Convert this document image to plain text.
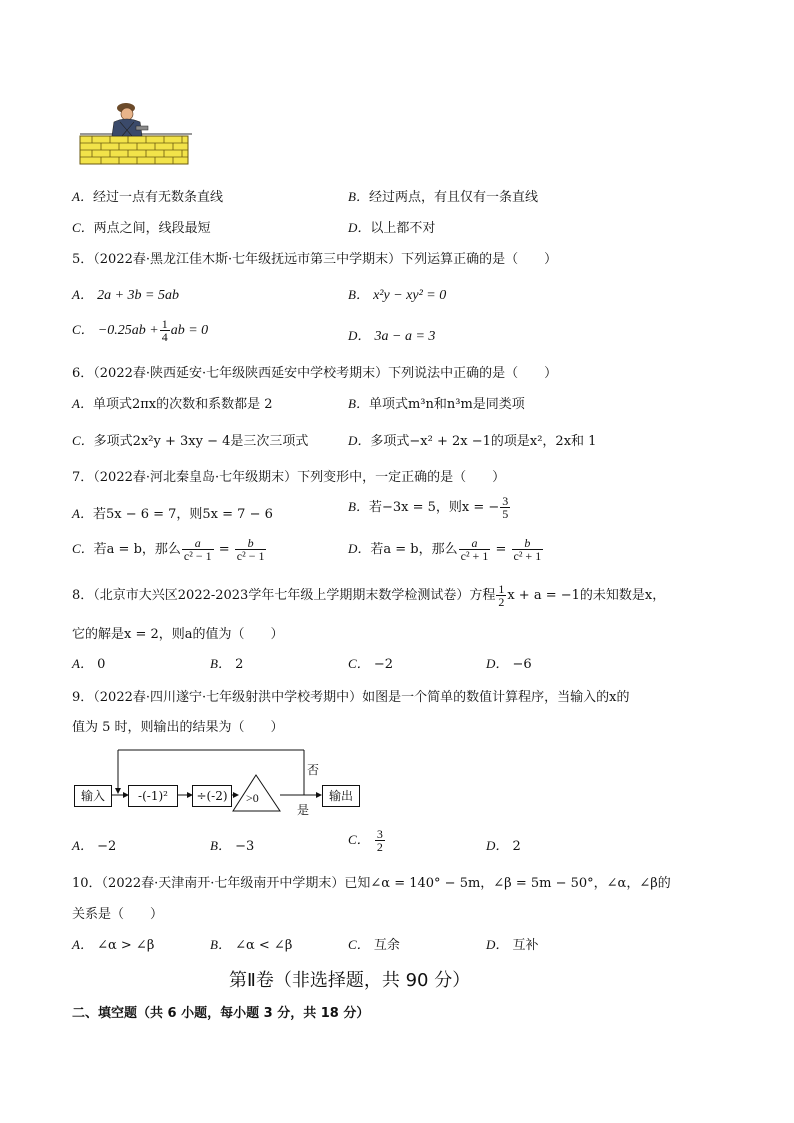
A．经过一点有无数条直线	B．经过两点，有且仅有一条直线
C．两点之间，线段最短	D．以上都不对
5．（2022春·黑龙江佳木斯·七年级抚远市第三中学期末）下列运算正确的是（　　）
A． 2a + 3b = 5ab	B． x²y − xy² = 0
C． $-0.25ab + \frac{1}{4}$ ab = 0	D． 3a − a = 3
6．（2022春·陕西延安·七年级陕西延安中学校考期末）下列说法中正确的是（　　）
A．单项式2πx的次数和系数都是 2	B．单项式m³n和n³m是同类项
C．多项式2x²y + 3xy − 4是三次三项式	D．多项式−x² + 2x −1的项是x²，2x和 1
7．（2022春·河北秦皇岛·七年级期末）下列变形中，一定正确的是（　　）
A．若5x − 6 = 7，则5x = 7 − 6
B．若−3x = 5，则x = − $\frac{3}{5}$
C．若a = b，那么 $\frac{a}{\text{c² − 1}} = \frac{b}{\text{c² − 1}}$	D．若a = b，那么 $\frac{a}{\text{c² + 1}} = \frac{b}{\text{c² + 1}}$
8．（北京市大兴区2022-2023学年七年级上学期期末数学检测试卷）方程 $\frac{1}{2}$ x + a = −1的未知数是x，
它的解是x = 2，则a的值为（　　）
A． 0	B． 2	C． −2	D． −6
9．（2022春·四川遂宁·七年级射洪中学校考期中）如图是一个简单的数值计算程序，当输入的x的
值为 5 时，则输出的结果为（　　）
输入	-(-1)²	÷(-2)	>0
否
是
输出
A． −2	B． −3	C． $\frac{3}{2}$	D． 2
10．（2022春·天津南开·七年级南开中学期末）已知∠α = 140° − 5m，∠β = 5m − 50°，∠α，∠β的
关系是（　　）
A． ∠α > ∠β	B． ∠α < ∠β	C． 互余	D． 互补
第Ⅱ卷（非选择题，共 90 分）
二、填空题（共 6 小题，每小题 3 分，共 18 分）
